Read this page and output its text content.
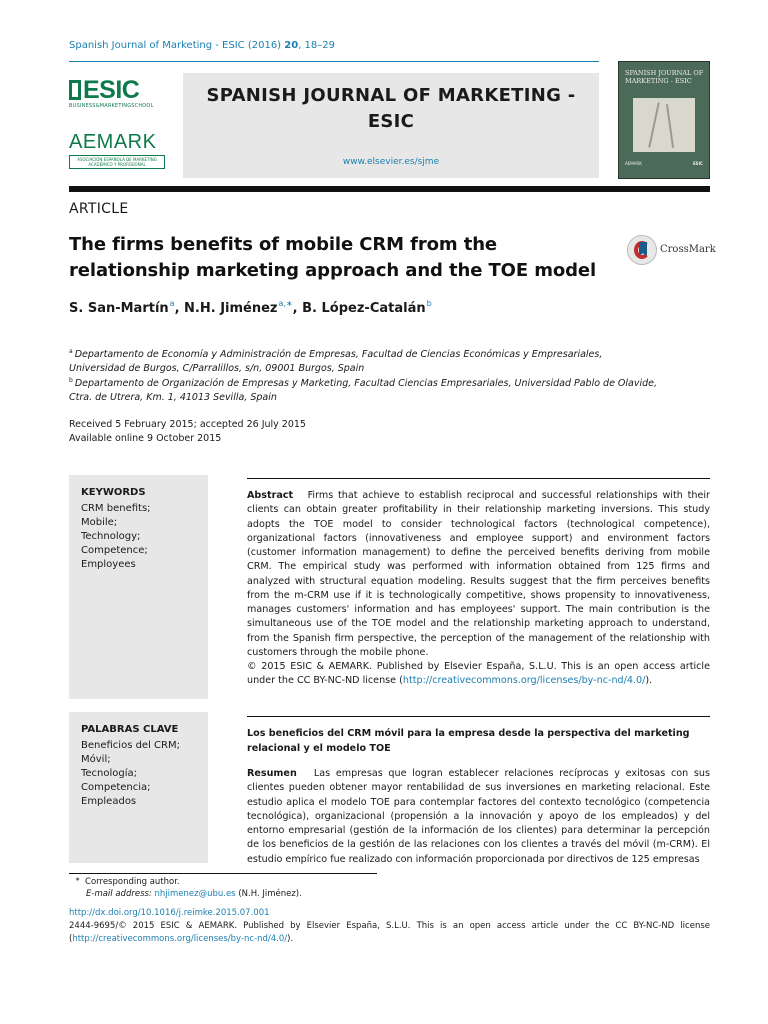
Spanish Journal of Marketing - ESIC (2016) 20, 18–29
ESIC
BUSINESS&MARKETINGSCHOOL
AEMARK
ASOCIACIÓN ESPAÑOLA DE MARKETING ACADÉMICO Y PROFESIONAL
SPANISH JOURNAL OF MARKETING - ESIC
www.elsevier.es/sjme
SPANISH JOURNAL OF MARKETING - ESIC
AEMARK	ESIC
ARTICLE
The firms benefits of mobile CRM from the relationship marketing approach and the TOE model
CrossMark
S. San-Martín$^a$, N.H. Jiménez$^{a,∗}$, B. López-Catalán$^b$
$^a$ Departamento de Economía y Administración de Empresas, Facultad de Ciencias Económicas y Empresariales,
Universidad de Burgos, C/Parralillos, s/n, 09001 Burgos, Spain
$^b$ Departamento de Organización de Empresas y Marketing, Facultad Ciencias Empresariales, Universidad Pablo de Olavide,
Ctra. de Utrera, Km. 1, 41013 Sevilla, Spain
Received 5 February 2015; accepted 26 July 2015
Available online 9 October 2015
KEYWORDS
CRM benefits;
Mobile;
Technology;
Competence;
Employees
Abstract Firms that achieve to establish reciprocal and successful relationships with their clients can obtain greater profitability in their relationship marketing inversions. This study adopts the TOE model to consider technological factors (technological competence), organizational factors (innovativeness and employee support) and environment factors (customer information management) to define the perceived benefits deriving from mobile CRM. The empirical study was performed with information obtained from 125 firms and analyzed with structural equation modeling. Results suggest that the firm perceives benefits from the m-CRM use if it is technologically competitive, shows propensity to innovativeness, manages customers' information and has employees' support. The main contribution is the simultaneous use of the TOE model and the relationship marketing approach to understand, from the Spanish firm perspective, the perception of the management of the relationship with customers through the mobile phone.
© 2015 ESIC & AEMARK. Published by Elsevier España, S.L.U. This is an open access article under the CC BY-NC-ND license (http://creativecommons.org/licenses/by-nc-nd/4.0/).
PALABRAS CLAVE
Beneficios del CRM;
Móvil;
Tecnología;
Competencia;
Empleados
Los beneficios del CRM móvil para la empresa desde la perspectiva del marketing relacional y el modelo TOE
Resumen Las empresas que logran establecer relaciones recíprocas y exitosas con sus clientes pueden obtener mayor rentabilidad de sus inversiones en marketing relacional. Este estudio aplica el modelo TOE para contemplar factores del contexto tecnológico (competencia tecnológica), organizacional (propensión a la innovación y apoyo de los empleados) y del entorno empresarial (gestión de la información de los clientes) para determinar la percepción de los beneficios de la gestión de las relaciones con los clientes a través del móvil (m-CRM). El estudio empírico fue realizado con información proporcionada por directivos de 125 empresas
∗ Corresponding author.
E-mail address: nhjimenez@ubu.es (N.H. Jiménez).
http://dx.doi.org/10.1016/j.reimke.2015.07.001
2444-9695/© 2015 ESIC & AEMARK. Published by Elsevier España, S.L.U. This is an open access article under the CC BY-NC-ND license (http://creativecommons.org/licenses/by-nc-nd/4.0/).
